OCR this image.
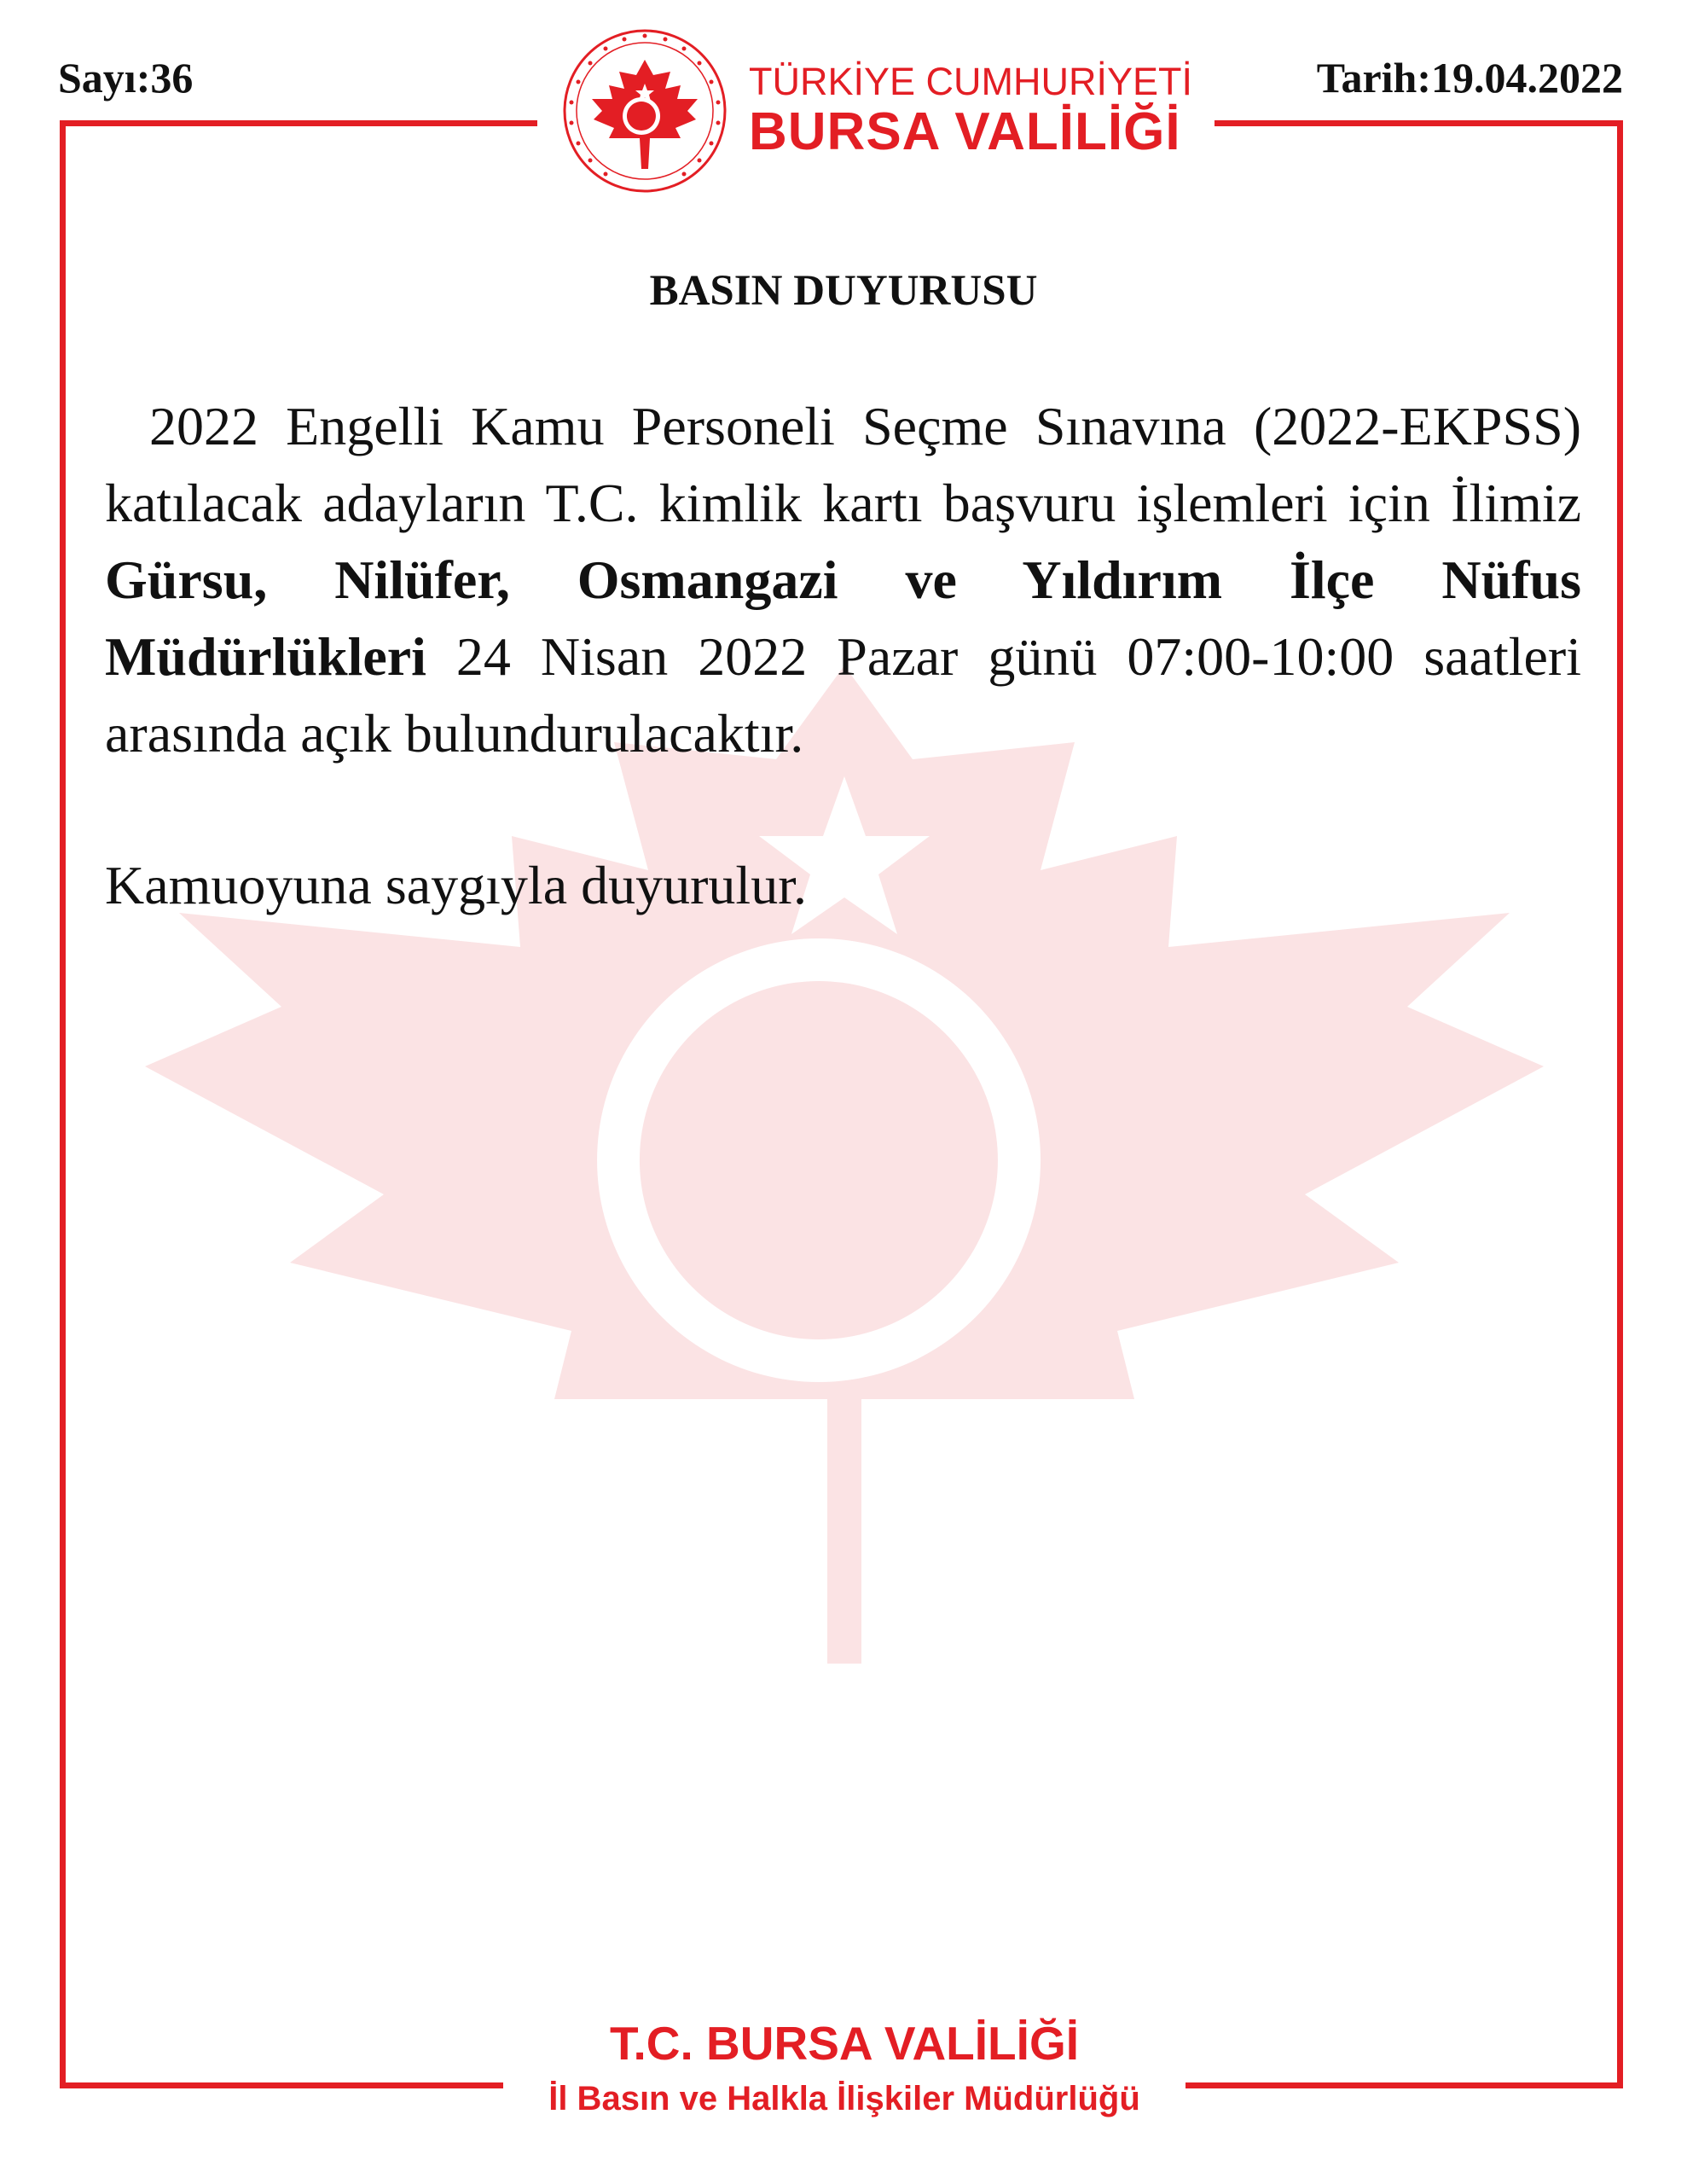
Sayı:36	Tarih:19.04.2022
TÜRKİYE CUMHURİYETİ
BURSA VALİLİĞİ
BASIN DUYURUSU

2022 Engelli Kamu Personeli Seçme Sınavına (2022-EKPSS) katılacak adayların T.C. kimlik kartı başvuru işlemleri için İlimiz Gürsu, Nilüfer, Osmangazi ve Yıldırım İlçe Nüfus Müdürlükleri 24 Nisan 2022 Pazar günü 07:00-10:00 saatleri arasında açık bulundurulacaktır.

Kamuoyuna saygıyla duyurulur.

T.C. BURSA VALİLİĞİ
İl Basın ve Halkla İlişkiler Müdürlüğü
